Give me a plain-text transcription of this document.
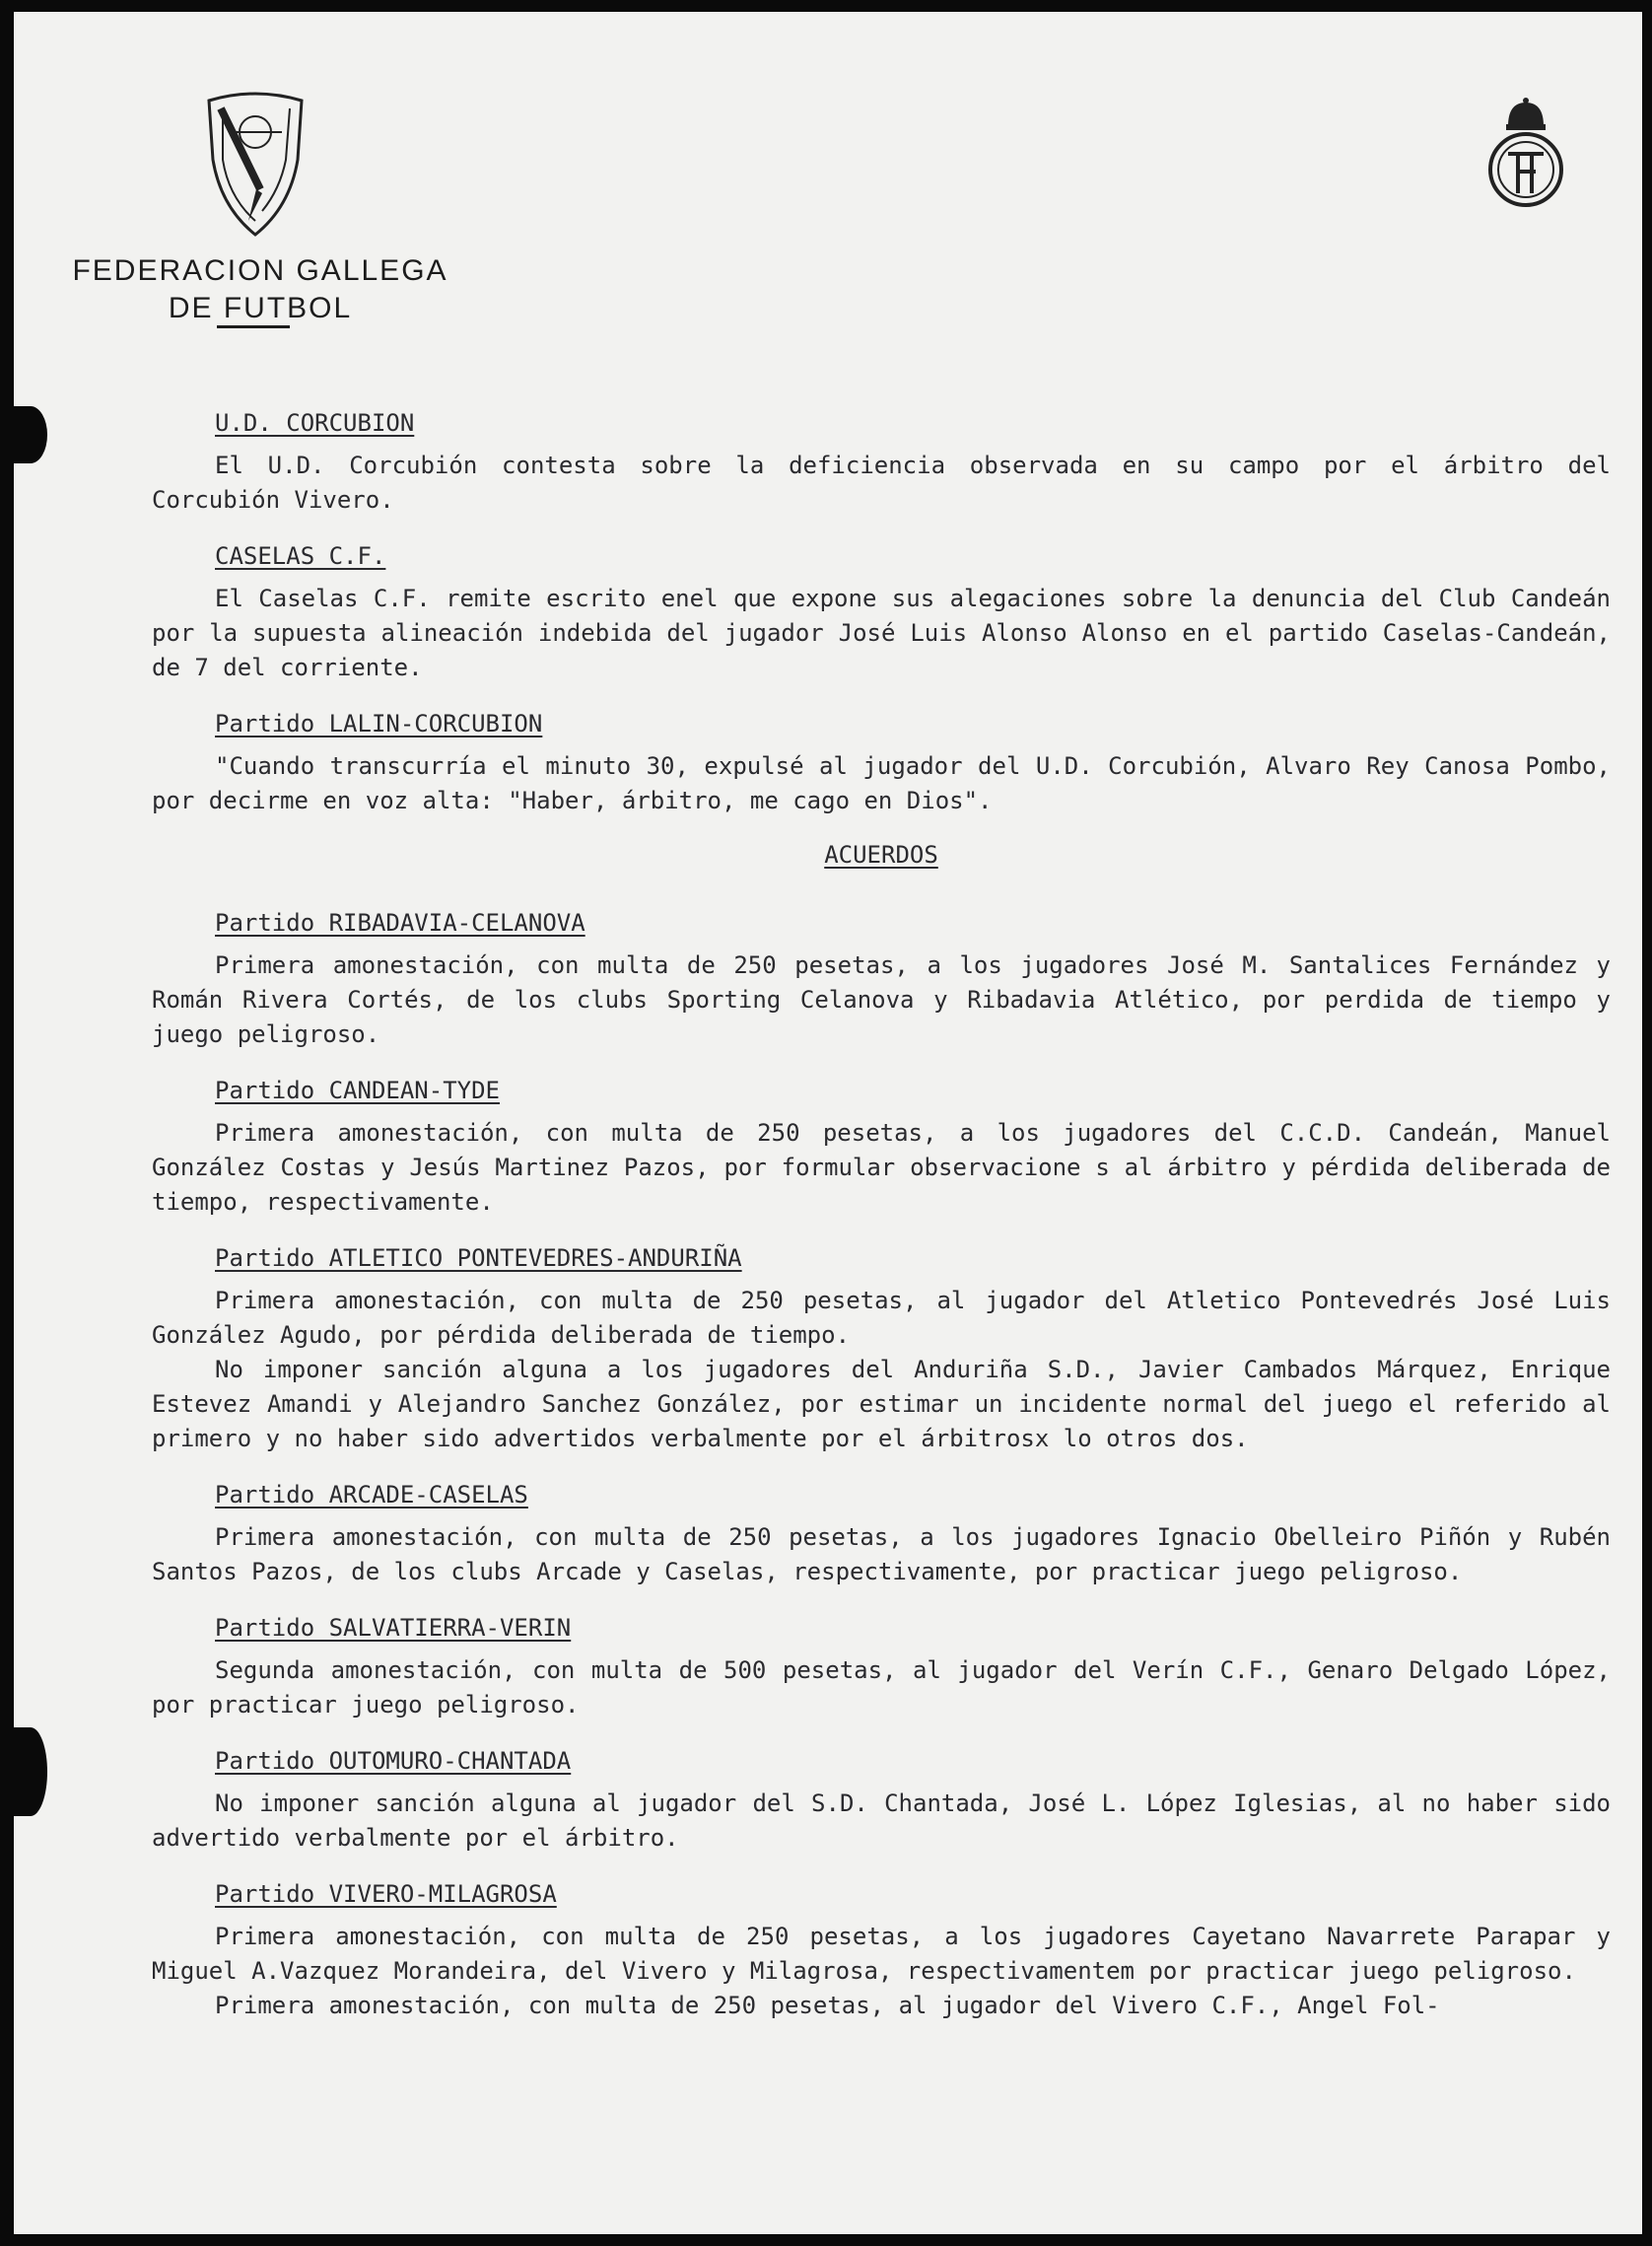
FEDERACION GALLEGA
DE FUTBOL
U.D. CORCUBION

El U.D. Corcubión contesta sobre la deficiencia observada en su campo por el árbitro del Corcubión Vivero.

CASELAS C.F.

El Caselas C.F. remite escrito enel que expone sus alegaciones sobre la denuncia del Club Candeán por la supuesta alineación indebida del jugador José Luis Alonso Alonso en el partido Caselas-Candeán, de 7 del corriente.

Partido LALIN-CORCUBION

"Cuando transcurría el minuto 30, expulsé al jugador del U.D. Corcubión, Alvaro Rey Canosa Pombo, por decirme en voz alta: "Haber, árbitro, me cago en Dios".

ACUERDOS
Partido RIBADAVIA-CELANOVA

Primera amonestación, con multa de 250 pesetas, a los jugadores José M. Santalices Fernández y Román Rivera Cortés, de los clubs Sporting Celanova y Ribadavia Atlético, por perdida de tiempo y juego peligroso.

Partido CANDEAN-TYDE

Primera amonestación, con multa de 250 pesetas, a los jugadores del C.C.D. Candeán, Manuel González Costas y Jesús Martinez Pazos, por formular observacione s al árbitro y pérdida deliberada de tiempo, respectivamente.

Partido ATLETICO PONTEVEDRES-ANDURIÑA

Primera amonestación, con multa de 250 pesetas, al jugador del Atletico Pontevedrés José Luis González Agudo, por pérdida deliberada de tiempo.

No imponer sanción alguna a los jugadores del Anduriña S.D., Javier Cambados Márquez, Enrique Estevez Amandi y Alejandro Sanchez González, por estimar un incidente normal del juego el referido al primero y no haber sido advertidos verbalmente por el árbitrosx lo otros dos.

Partido ARCADE-CASELAS

Primera amonestación, con multa de 250 pesetas, a los jugadores Ignacio Obelleiro Piñón y Rubén Santos Pazos, de los clubs Arcade y Caselas, respectivamente, por practicar juego peligroso.

Partido SALVATIERRA-VERIN

Segunda amonestación, con multa de 500 pesetas, al jugador del Verín C.F., Genaro Delgado López, por practicar juego peligroso.

Partido OUTOMURO-CHANTADA

No imponer sanción alguna al jugador del S.D. Chantada, José L. López Iglesias, al no haber sido advertido verbalmente por el árbitro.

Partido VIVERO-MILAGROSA

Primera amonestación, con multa de 250 pesetas, a los jugadores Cayetano Navarrete Parapar y Miguel A.Vazquez Morandeira, del Vivero y Milagrosa, respectivamentem por practicar juego peligroso.

Primera amonestación, con multa de 250 pesetas, al jugador del Vivero C.F., Angel Fol-
